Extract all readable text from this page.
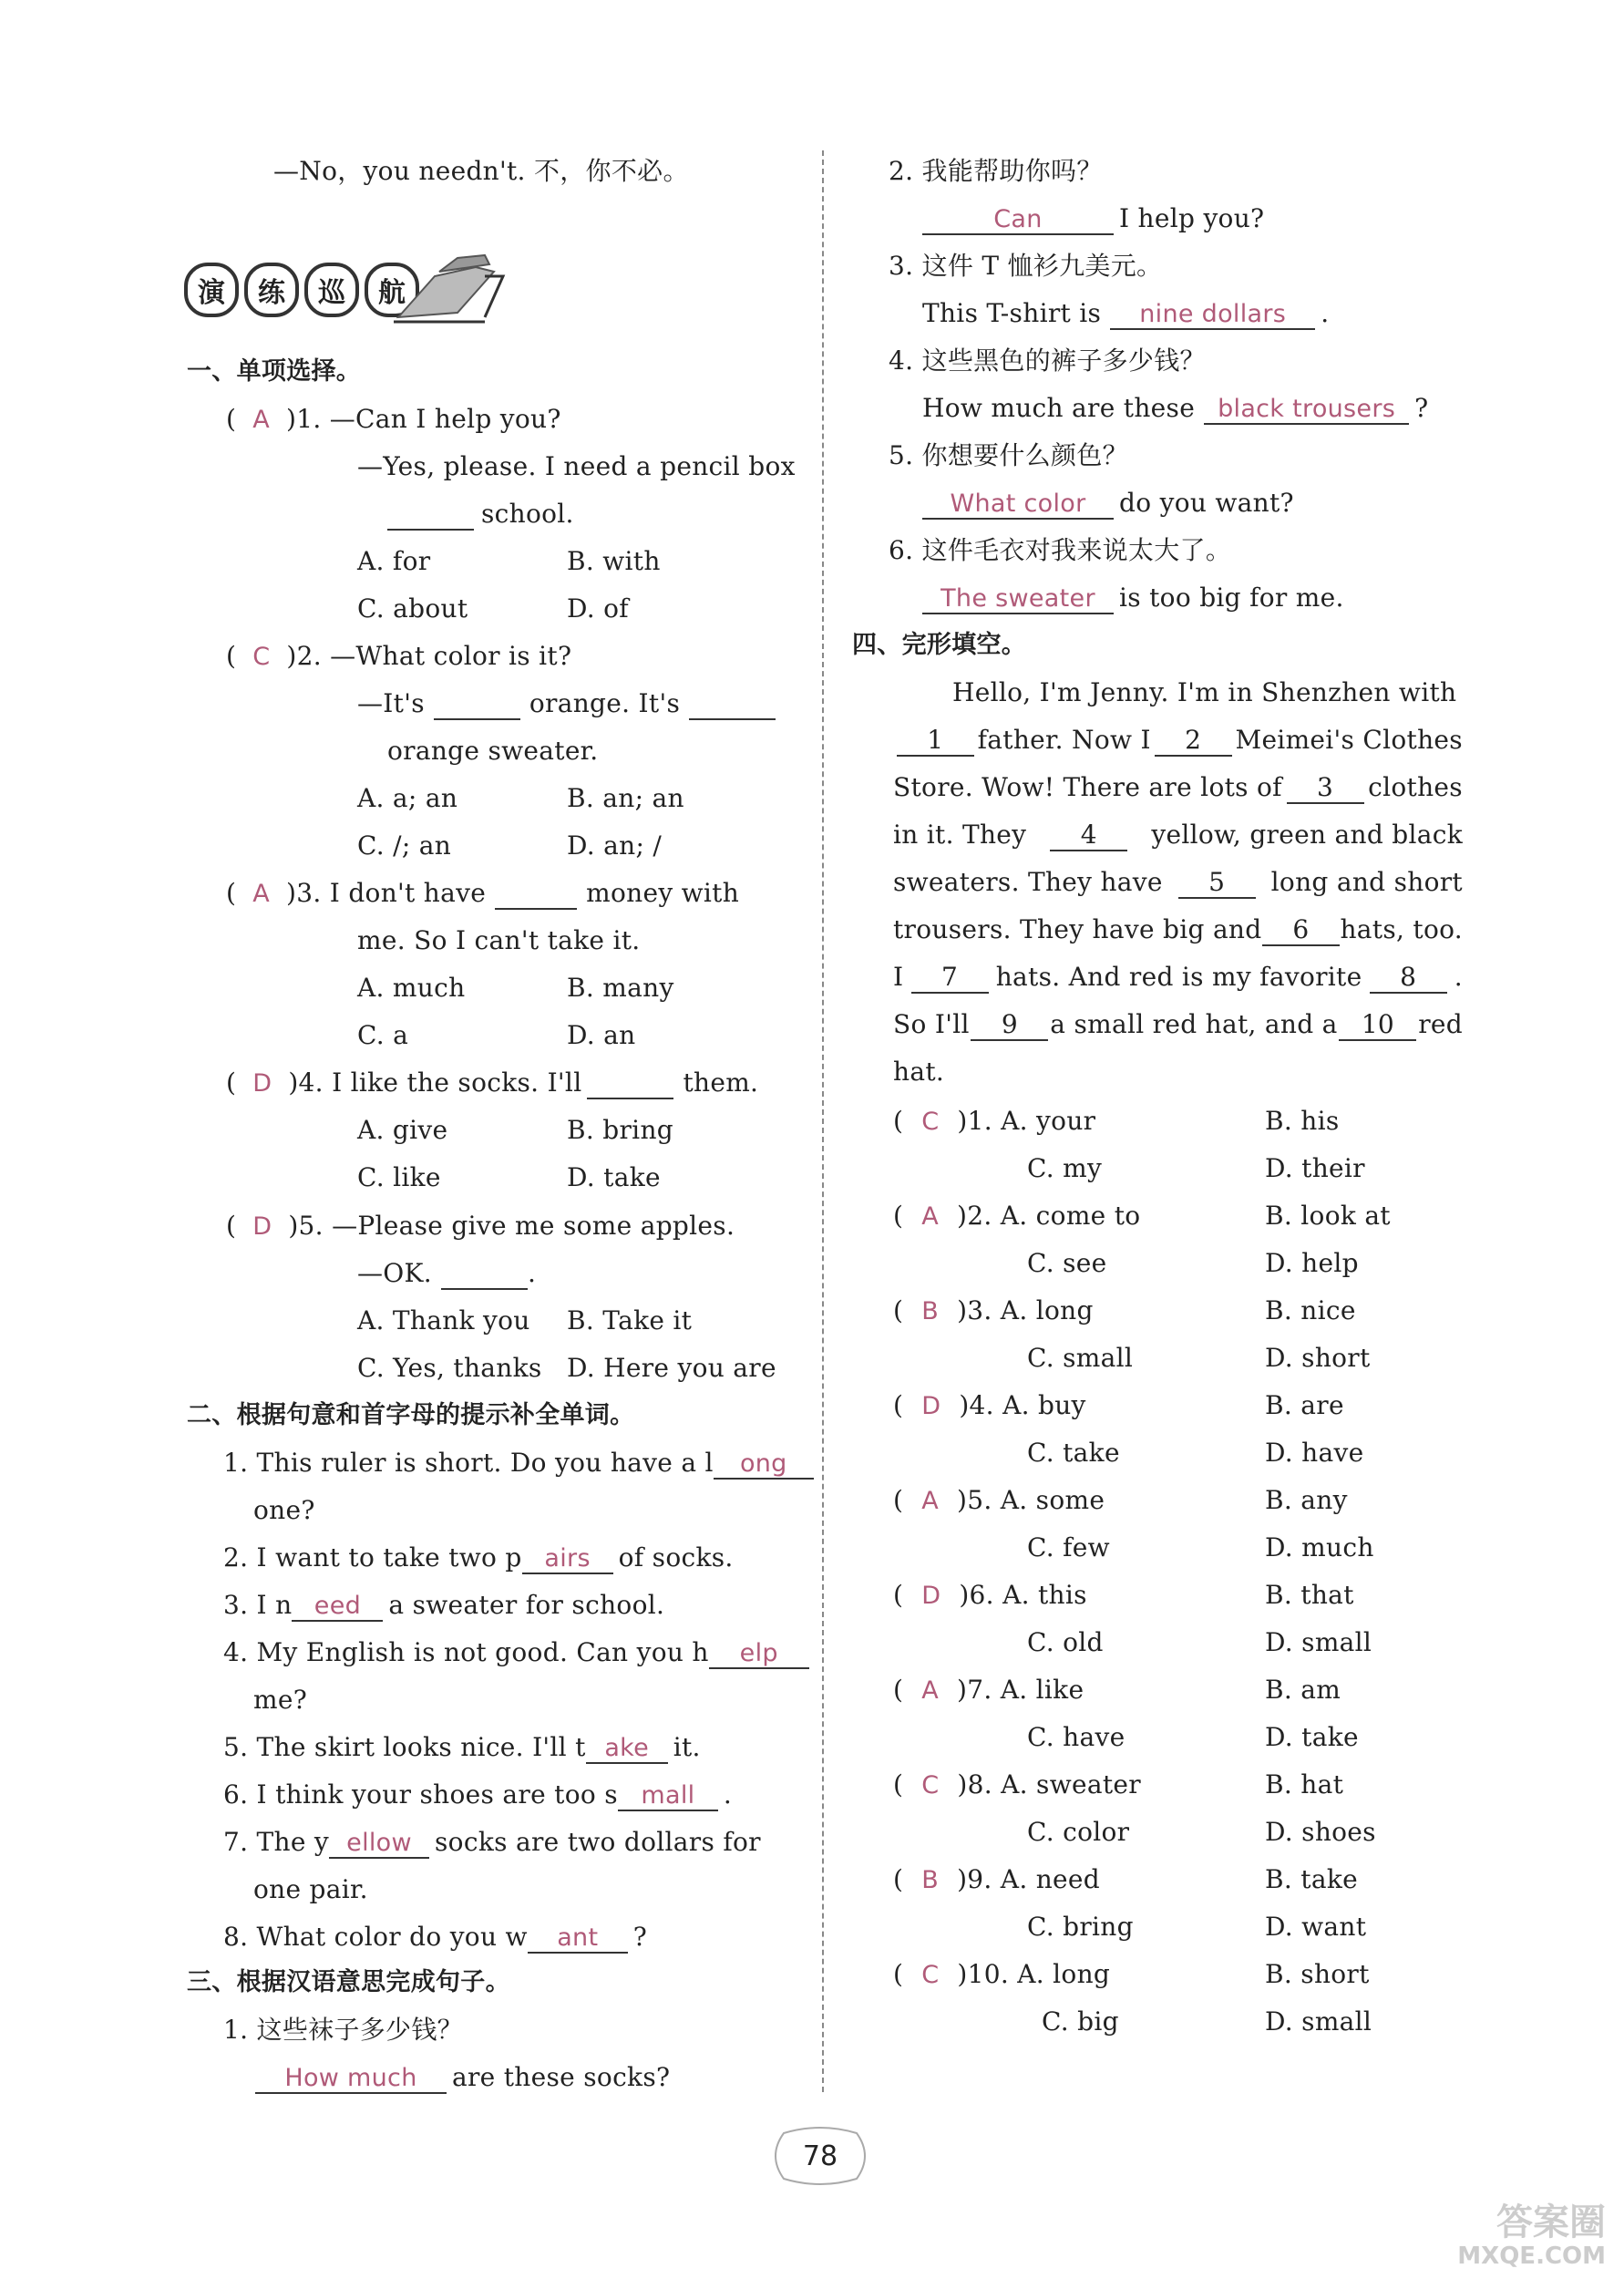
—No，you needn't. 不，你不必。
一、单项选择。
( A )1. —Can I help you?
—Yes, please. I need a pencil box
school.
A. for	B. with
C. about	D. of
( C )2. —What color is it?
—It's	orange. It's
orange sweater.
A. a; an	B. an; an
C. /; an	D. an; /
( A )3. I don't have	money with
me. So I can't take it.
A. much	B. many
C. a	D. an
( D )4. I like the socks. I'll	them.
A. give	B. bring
C. like	D. take
( D )5. —Please give me some apples.
—OK.	.
A. Thank you B. Take it
C. Yes, thanks D. Here you are
二、根据句意和首字母的提示补全单词。
1. This ruler is short. Do you have a l ong
one?
2. I want to take two p airs of socks.
3. I n eed a sweater for school.
4. My English is not good. Can you h elp
me?
5. The skirt looks nice. I'll t ake it.
6. I think your shoes are too s mall .
7. The y ellow socks are two dollars for
one pair.
8. What color do you w ant ?
三、根据汉语意思完成句子。
1. 这些袜子多少钱？
How much are these socks?
2. 我能帮助你吗？
Can	I help you?
3. 这件 T 恤衫九美元。
This T-shirt is nine dollars .
4. 这些黑色的裤子多少钱？
How much are these black trousers ?
5. 你想要什么颜色？
What color do you want?
6. 这件毛衣对我来说太大了。
The sweater is too big for me.
四、完形填空。
Hello, I'm Jenny. I'm in Shenzhen with
1	father. Now I	2	Meimei's Clothes
Store. Wow! There are lots of	3	clothes
in it. They	4	yellow, green and black
sweaters. They have	5	long and short
trousers. They have big and	6	hats, too.
I	7	hats. And red is my favorite	8	.
So I'll	9	a small red hat, and a 10 red
hat.
( C )1. A. your	B. his
C. my	D. their
( A )2. A. come to	B. look at
C. see	D. help
( B )3. A. long	B. nice
C. small	D. short
( D )4. A. buy	B. are
C. take	D. have
( A )5. A. some	B. any
C. few	D. much
( D )6. A. this	B. that
C. old	D. small
( A )7. A. like	B. am
C. have	D. take
( C )8. A. sweater	B. hat
C. color	D. shoes
( B )9. A. need	B. take
C. bring	D. want
( C )10. A. long	B. short
C. big	D. small
演	练	巡	航
78
答案圈
MXQE.COM
